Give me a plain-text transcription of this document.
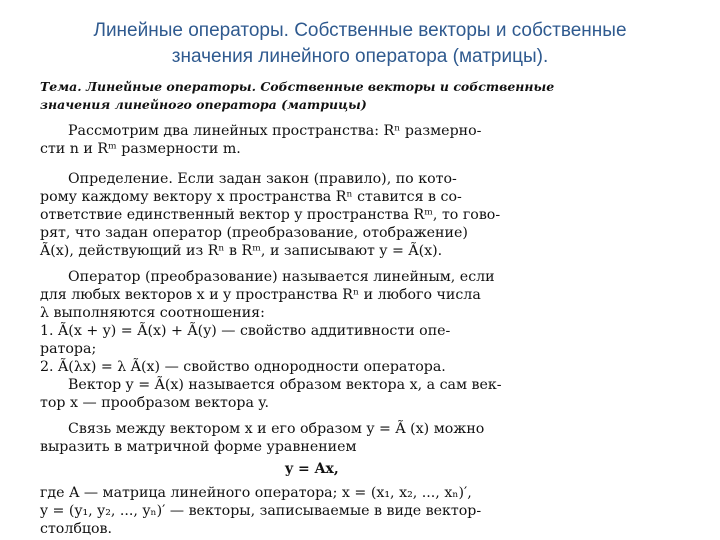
Линейные операторы. Собственные векторы и собственные
значения линейного оператора (матрицы).
Тема. Линейные операторы. Собственные векторы и собственные
значения линейного оператора (матрицы)
Рассмотрим два линейных пространства: Rⁿ размерно-
сти n и Rᵐ размерности m.
Определение. Если задан закон (правило), по кото-
рому каждому вектору x пространства Rⁿ ставится в со-
ответствие единственный вектор y пространства Rᵐ, то гово-
рят, что задан оператор (преобразование, отображение)
Ã(x), действующий из Rⁿ в Rᵐ, и записывают y = Ã(x).
Оператор (преобразование) называется линейным, если
для любых векторов x и y пространства Rⁿ и любого числа
λ выполняются соотношения:
1. Ã(x + y) = Ã(x) + Ã(y) — свойство аддитивности опе-
ратора;
2. Ã(λx) = λ Ã(x) — свойство однородности оператора.
Вектор y = Ã(x) называется образом вектора x, а сам век-
тор x — прообразом вектора y.
Связь между вектором x и его образом y = Ã (x) можно
выразить в матричной форме уравнением
y = Ax,
где A — матрица линейного оператора; x = (x₁, x₂, ..., xₙ)′,
y = (y₁, y₂, ..., yₙ)′ — векторы, записываемые в виде вектор-
столбцов.
